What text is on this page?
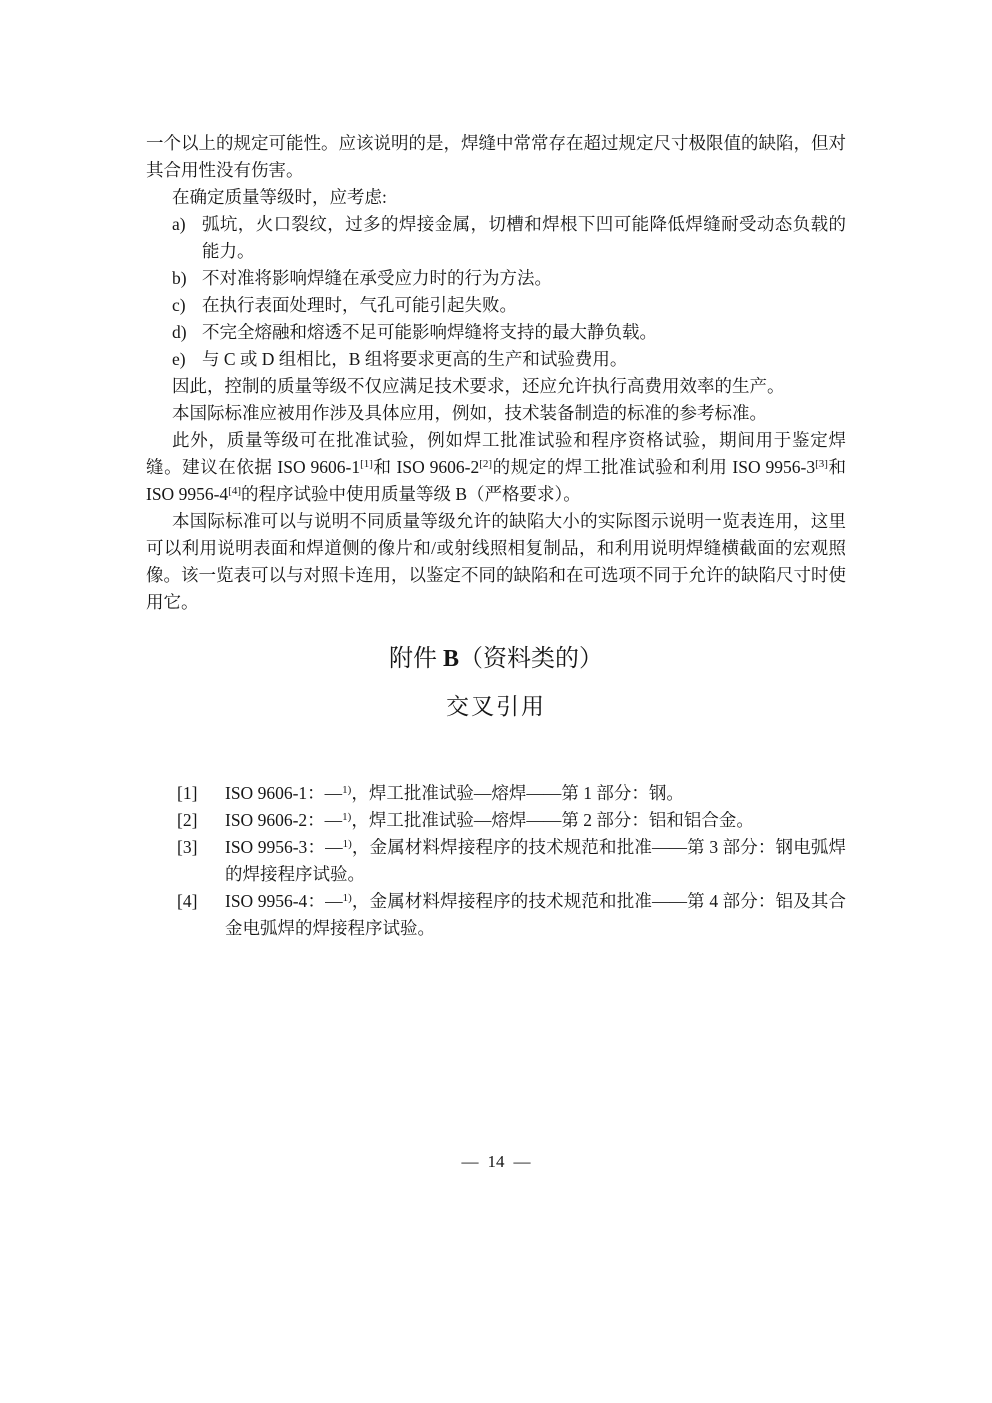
一个以上的规定可能性。应该说明的是，焊缝中常常存在超过规定尺寸极限值的缺陷，但对其合用性没有伤害。

在确定质量等级时，应考虑:

a) 弧坑，火口裂纹，过多的焊接金属，切槽和焊根下凹可能降低焊缝耐受动态负载的能力。
b) 不对准将影响焊缝在承受应力时的行为方法。
c) 在执行表面处理时，气孔可能引起失败。
d) 不完全熔融和熔透不足可能影响焊缝将支持的最大静负载。
e) 与 C 或 D 组相比，B 组将要求更高的生产和试验费用。

因此，控制的质量等级不仅应满足技术要求，还应允许执行高费用效率的生产。

本国际标准应被用作涉及具体应用，例如，技术装备制造的标准的参考标准。

此外，质量等级可在批准试验，例如焊工批准试验和程序资格试验，期间用于鉴定焊缝。建议在依据 ISO 9606-1[1]和 ISO 9606-2[2]的规定的焊工批准试验和利用 ISO 9956-3[3]和 ISO 9956-4[4]的程序试验中使用质量等级 B（严格要求）。

本国际标准可以与说明不同质量等级允许的缺陷大小的实际图示说明一览表连用，这里可以利用说明表面和焊道侧的像片和/或射线照相复制品，和利用说明焊缝横截面的宏观照像。该一览表可以与对照卡连用，以鉴定不同的缺陷和在可选项不同于允许的缺陷尺寸时使用它。

附件 B（资料类的）
交叉引用
[1] ISO 9606-1：—$^{1)}$，焊工批准试验—熔焊——第 1 部分：钢。
[2] ISO 9606-2：—$^{1)}$，焊工批准试验—熔焊——第 2 部分：铝和铝合金。
[3] ISO 9956-3：—$^{1)}$，金属材料焊接程序的技术规范和批准——第 3 部分：钢电弧焊的焊接程序试验。
[4] ISO 9956-4：—$^{1)}$，金属材料焊接程序的技术规范和批准——第 4 部分：铝及其合金电弧焊的焊接程序试验。
— 14 —
